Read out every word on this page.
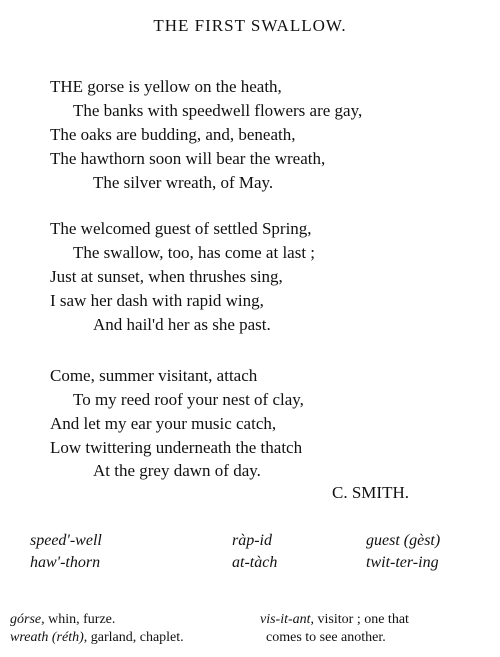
THE FIRST SWALLOW.
THE gorse is yellow on the heath,
The banks with speedwell flowers are gay,
The oaks are budding, and, beneath,
The hawthorn soon will bear the wreath,
The silver wreath, of May.
The welcomed guest of settled Spring,
The swallow, too, has come at last ;
Just at sunset, when thrushes sing,
I saw her dash with rapid wing,
And hail'd her as she past.
Come, summer visitant, attach
To my reed roof your nest of clay,
And let my ear your music catch,
Low twittering underneath the thatch
At the grey dawn of day.
C. SMITH.
speed'-well	ràp-id	guest (gèst)
haw'-thorn	at-tàch	twit-ter-ing
górse, whin, furze.
wreath (réth), garland, chaplet.
vis-it-ant, visitor ; one that
comes to see another.
